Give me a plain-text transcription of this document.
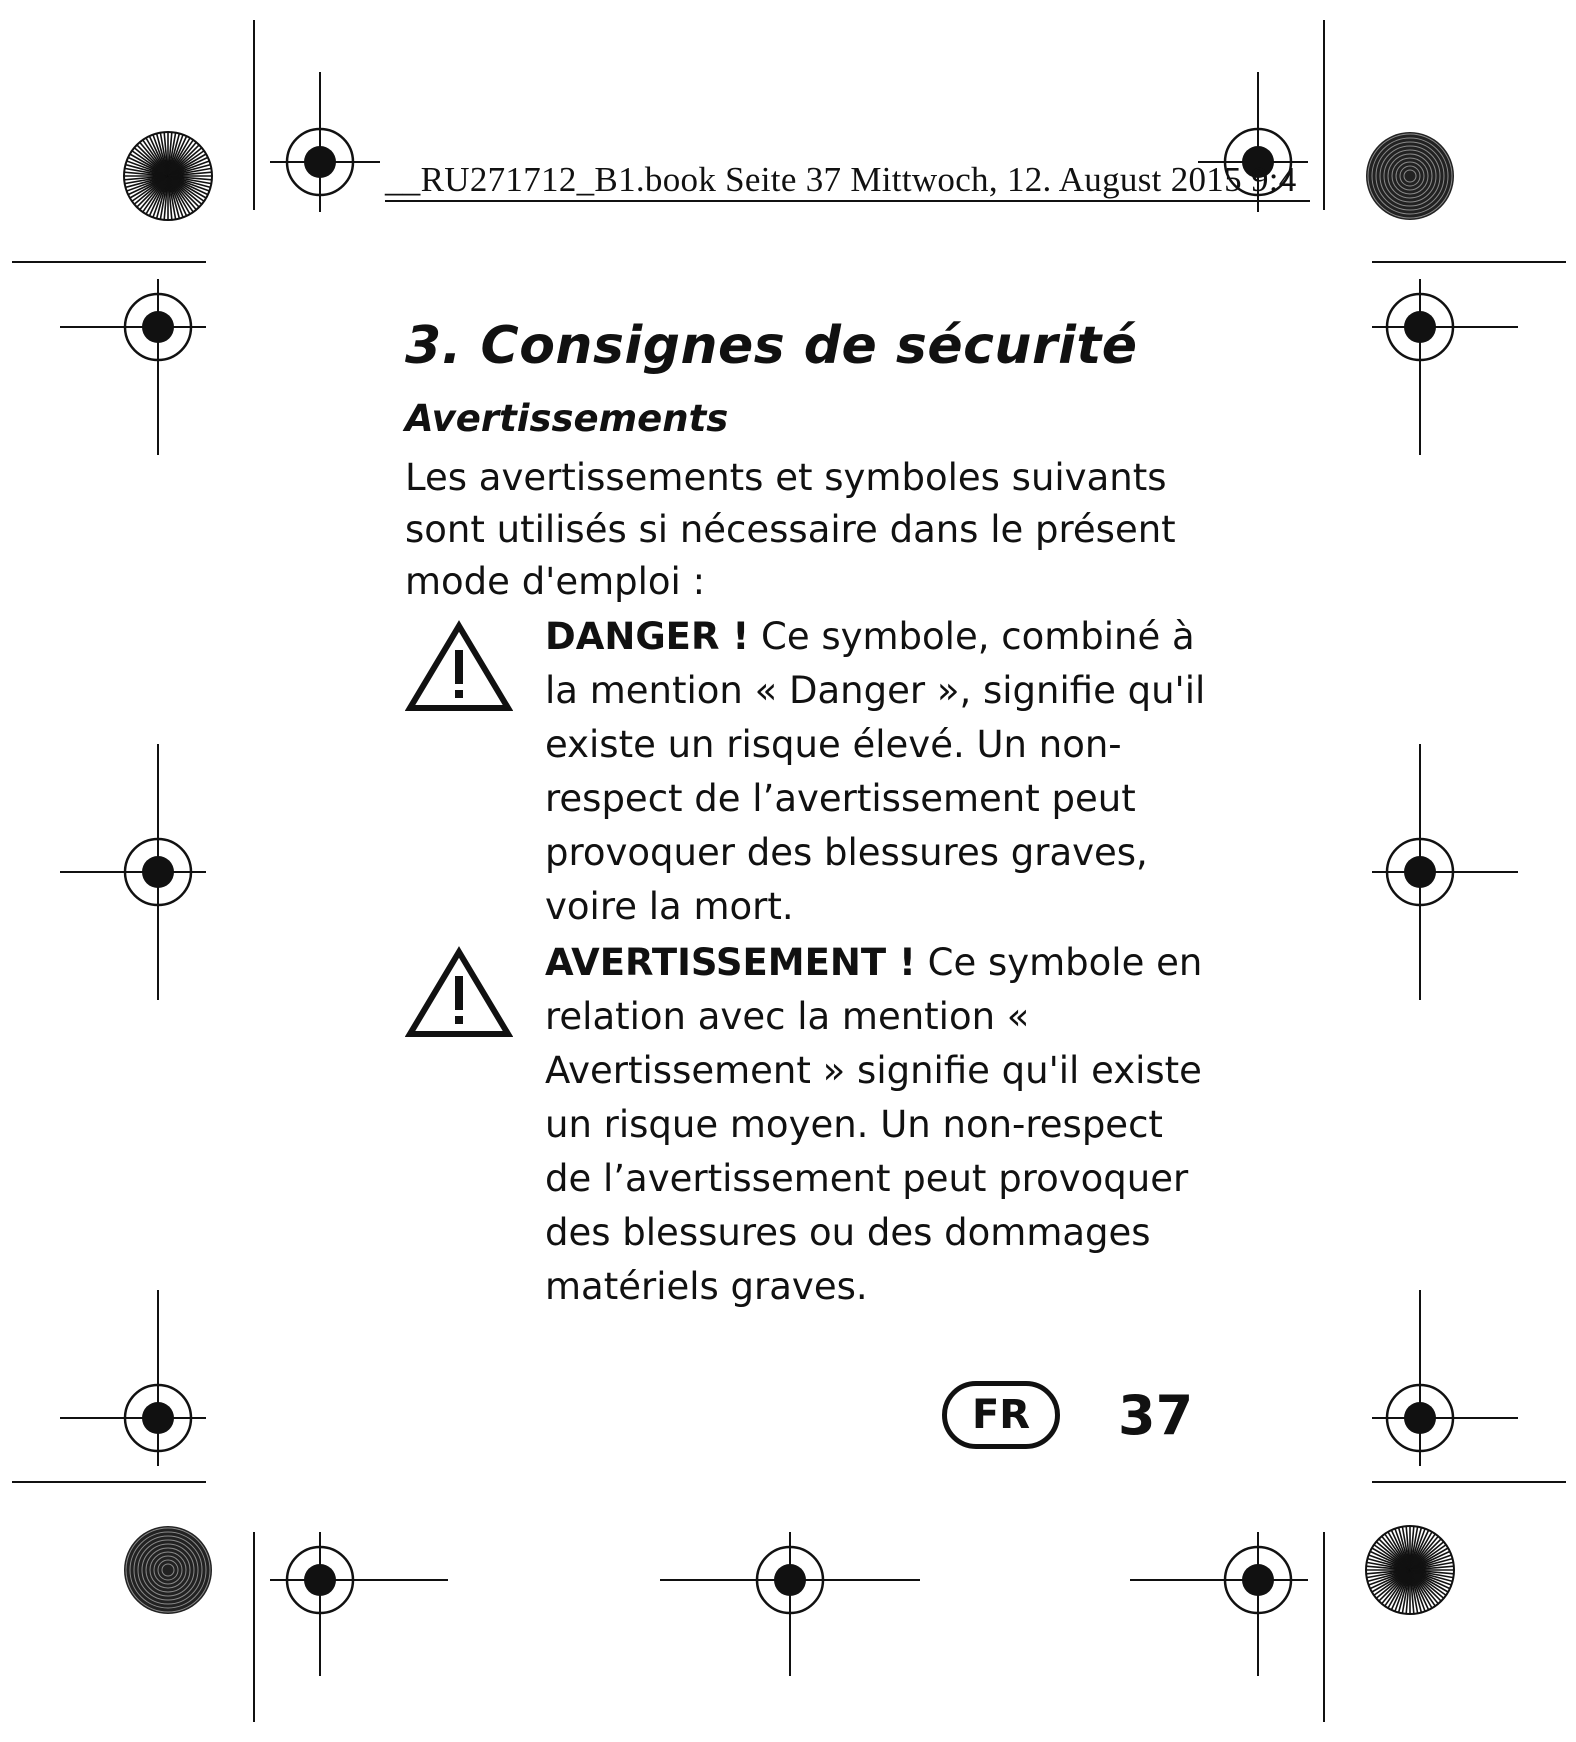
__RU271712_B1.book Seite 37 Mittwoch, 12. August 2015 9:4
3. Consignes de sécurité
Avertissements

Les avertissements et symboles suivants sont utilisés si nécessaire dans le présent mode d'emploi :

DANGER ! Ce symbole, combiné à la mention « Danger », signifie qu'il existe un risque élevé. Un non-respect de l’avertissement peut provoquer des blessures graves, voire la mort.
AVERTISSEMENT ! Ce symbole en relation avec la mention « Avertissement » signifie qu'il existe un risque moyen. Un non-respect de l’avertissement peut provoquer des blessures ou des dommages matériels graves.
FR	37
